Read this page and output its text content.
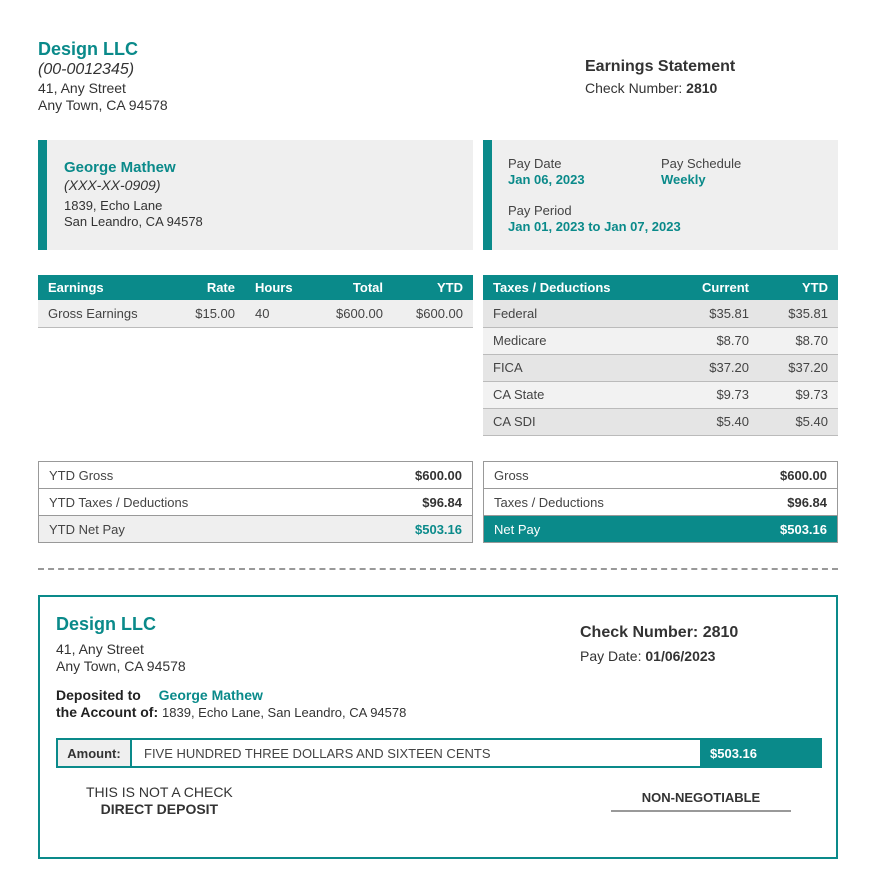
Design LLC
(00-0012345)
41, Any Street
Any Town, CA 94578
Earnings Statement
Check Number: 2810
George Mathew
(XXX-XX-0909)
1839, Echo Lane
San Leandro, CA 94578
Pay Date
Jan 06, 2023
Pay Schedule
Weekly
Pay Period
Jan 01, 2023 to Jan 07, 2023
Earnings	Rate	Hours	Total	YTD
Gross Earnings	$15.00	40	$600.00	$600.00
Taxes / Deductions	Current	YTD
Federal	$35.81	$35.81
Medicare	$8.70	$8.70
FICA	$37.20	$37.20
CA State	$9.73	$9.73
CA SDI	$5.40	$5.40
YTD Gross	$600.00
YTD Taxes / Deductions	$96.84
YTD Net Pay	$503.16
Gross	$600.00
Taxes / Deductions	$96.84
Net Pay	$503.16
Design LLC
41, Any Street
Any Town, CA 94578
Check Number: 2810
Pay Date: 01/06/2023
Deposited to George Mathew
the Account of: 1839, Echo Lane, San Leandro, CA 94578
Amount:	FIVE HUNDRED THREE DOLLARS AND SIXTEEN CENTS	$503.16
THIS IS NOT A CHECK
DIRECT DEPOSIT
NON-NEGOTIABLE
